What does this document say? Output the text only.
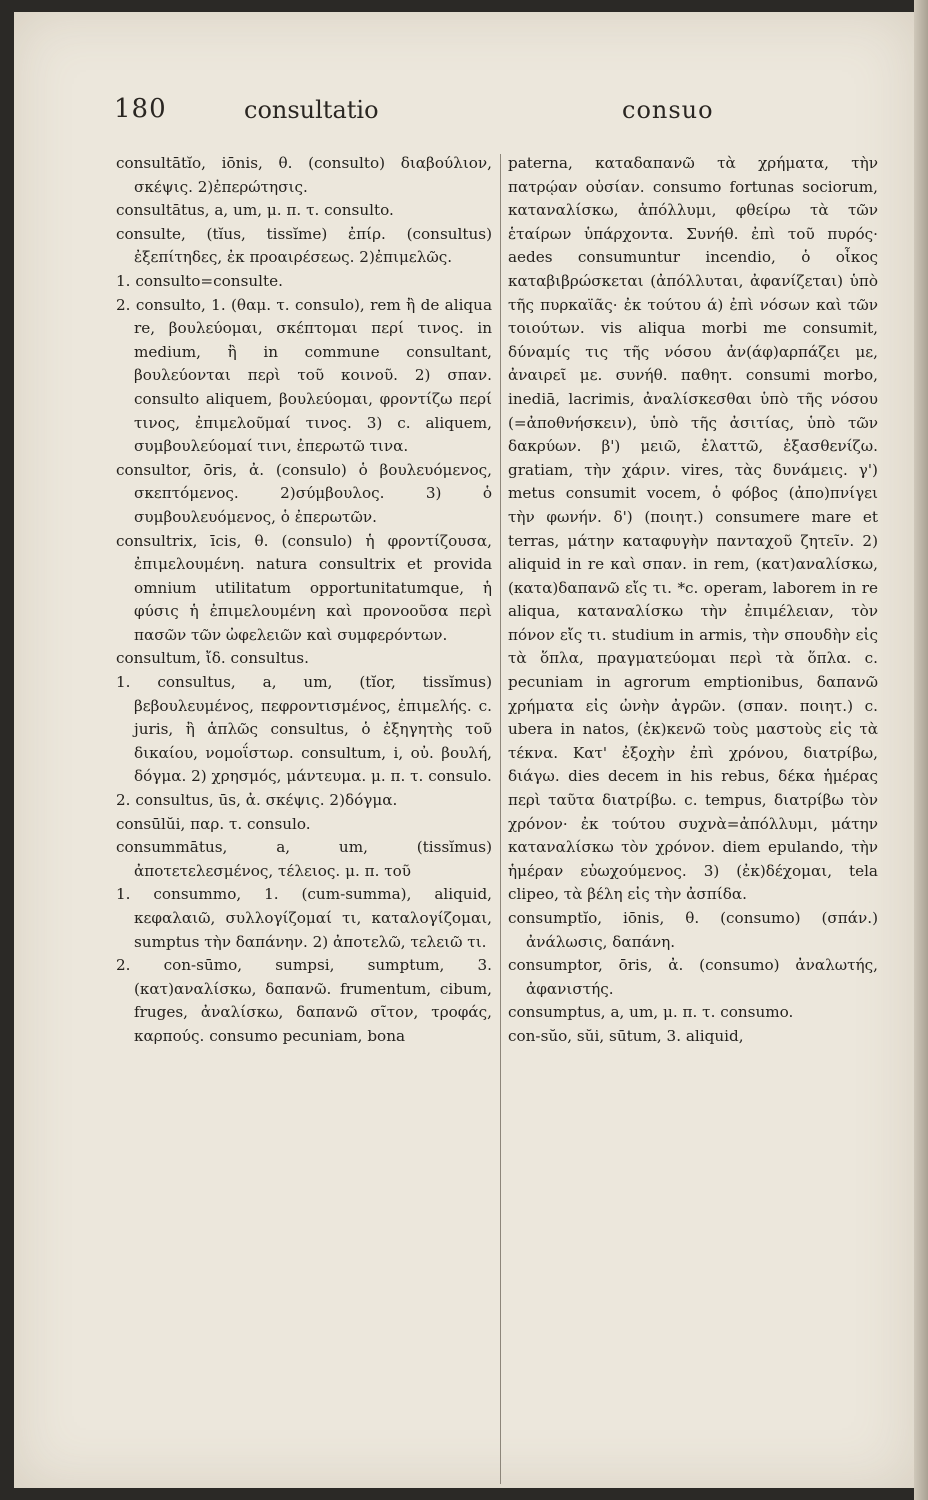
180	consultatio	consuo

consultātĭo, iōnis, θ. (consulto) διαβούλιον, σκέψις. 2)ἐπερώτησις.

consultātus, a, um, μ. π. τ. consulto.

consulte, (tĭus, tissĭme) ἐπίρ. (consultus) ἐξεπίτηδες, ἐκ προαιρέσεως. 2)ἐπιμελῶς.

1. consulto=consulte.

2. consulto, 1. (θαμ. τ. consulo), rem ἢ de aliqua re, βουλεύομαι, σκέπτομαι περί τινος. in medium, ἢ in commune consultant, βουλεύονται περὶ τοῦ κοινοῦ. 2) σπαν. consulto aliquem, βουλεύομαι, φροντίζω περί τινος, ἐπιμελοῦμαί τινος. 3) c. aliquem, συμβουλεύομαί τινι, ἐπερωτῶ τινα.

consultor, ōris, ἀ. (consulo) ὁ βουλευόμενος, σκεπτόμενος. 2)σύμβουλος. 3) ὁ συμβουλευόμενος, ὁ ἐπερωτῶν.

consultrix, īcis, θ. (consulo) ἡ φροντίζουσα, ἐπιμελουμένη. natura consultrix et provida omnium utilitatum opportunitatumque, ἡ φύσις ἡ ἐπιμελουμένη καὶ προνοοῦσα περὶ πασῶν τῶν ὠφελειῶν καὶ συμφερόντων.

consultum, ἴδ. consultus.

1. consultus, a, um, (tĭor, tissĭmus) βεβουλευμένος, πεφροντισμένος, ἐπιμελής. c. juris, ἢ ἁπλῶς consultus, ὁ ἐξηγητὴς τοῦ δικαίου, νομοΐστωρ. consultum, i, οὐ. βουλή, δόγμα. 2) χρησμός, μάντευμα. μ. π. τ. consulo.

2. consultus, ūs, ἀ. σκέψις. 2)δόγμα.

consūlŭi, παρ. τ. consulo.

consummātus, a, um, (tissĭmus) ἀποτετελεσμένος, τέλειος. μ. π. τοῦ

1. consummo, 1. (cum-summa), aliquid, κεφαλαιῶ, συλλογίζομαί τι, καταλογίζομαι, sumptus τὴν δαπάνην. 2) ἀποτελῶ, τελειῶ τι.

2. con-sūmo, sumpsi, sumptum, 3. (κατ)αναλίσκω, δαπανῶ. frumentum, cibum, fruges, ἀναλίσκω, δαπανῶ σῖτον, τροφάς, καρπούς. consumo pecuniam, bona

paterna, καταδαπανῶ τὰ χρήματα, τὴν πατρῴαν οὐσίαν. consumo fortunas sociorum, καταναλίσκω, ἀπόλλυμι, φθείρω τὰ τῶν ἑταίρων ὑπάρχοντα. Συνήθ. ἐπὶ τοῦ πυρός· aedes consumuntur incendio, ὁ οἶκος καταβιβρώσκεται (ἀπόλλυται, ἀφανίζεται) ὑπὸ τῆς πυρκαϊᾶς· ἐκ τούτου ά) ἐπὶ νόσων καὶ τῶν τοιούτων. vis aliqua morbi me consumit, δύναμίς τις τῆς νόσου ἀν(άφ)αρπάζει με, ἀναιρεῖ με. συνήθ. παθητ. consumi morbo, inediā, lacrimis, ἀναλίσκεσθαι ὑπὸ τῆς νόσου (=ἀποθνήσκειν), ὑπὸ τῆς ἀσιτίας, ὑπὸ τῶν δακρύων. β') μειῶ, ἐλαττῶ, ἐξασθενίζω. gratiam, τὴν χάριν. vires, τὰς δυνάμεις. γ') metus consumit vocem, ὁ φόβος (ἀπο)πνίγει τὴν φωνήν. δ') (ποιητ.) consumere mare et terras, μάτην καταφυγὴν πανταχοῦ ζητεῖν. 2) aliquid in re καὶ σπαν. in rem, (κατ)αναλίσκω, (κατα)δαπανῶ εἴς τι. *c. operam, laborem in re aliqua, καταναλίσκω τὴν ἐπιμέλειαν, τὸν πόνον εἴς τι. studium in armis, τὴν σπουδὴν εἰς τὰ ὅπλα, πραγματεύομαι περὶ τὰ ὅπλα. c. pecuniam in agrorum emptionibus, δαπανῶ χρήματα εἰς ὠνὴν ἀγρῶν. (σπαν. ποιητ.) c. ubera in natos, (ἐκ)κενῶ τοὺς μαστοὺς εἰς τὰ τέκνα. Κατ' ἐξοχὴν ἐπὶ χρόνου, διατρίβω, διάγω. dies decem in his rebus, δέκα ἡμέρας περὶ ταῦτα διατρίβω. c. tempus, διατρίβω τὸν χρόνον· ἐκ τούτου συχνὰ=ἀπόλλυμι, μάτην καταναλίσκω τὸν χρόνον. diem epulando, τὴν ἡμέραν εὐωχούμενος. 3) (ἐκ)δέχομαι, tela clipeo, τὰ βέλη εἰς τὴν ἀσπίδα.

consumptĭo, iōnis, θ. (consumo) (σπάν.) ἀνάλωσις, δαπάνη.

consumptor, ōris, ἀ. (consumo) ἀναλωτής, ἀφανιστής.

consumptus, a, um, μ. π. τ. consumo.

con-sŭo, sŭi, sūtum, 3. aliquid,
